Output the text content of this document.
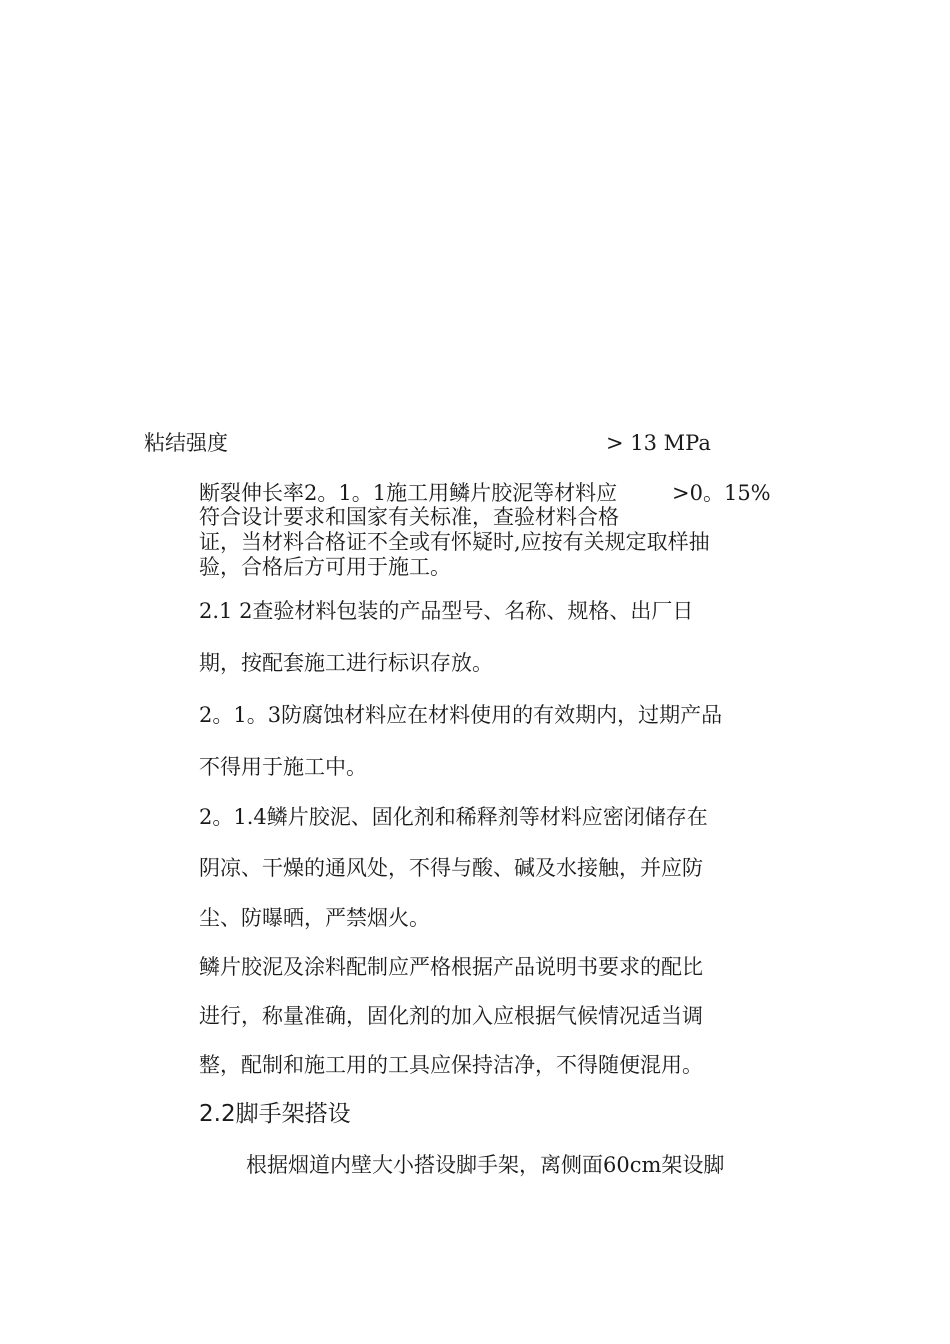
粘结强度	> 13 MPa
断裂伸长率2。1。1施工用鳞片胶泥等材料应	>0。15%
符合设计要求和国家有关标准，查验材料合格
证，当材料合格证不全或有怀疑时,应按有关规定取样抽
验，合格后方可用于施工。
2.1 2查验材料包装的产品型号、名称、规格、出厂日
期，按配套施工进行标识存放。
2。1。3防腐蚀材料应在材料使用的有效期内，过期产品
不得用于施工中。
2。1.4鳞片胶泥、固化剂和稀释剂等材料应密闭储存在
阴凉、干燥的通风处，不得与酸、碱及水接触，并应防
尘、防曝晒，严禁烟火。
鳞片胶泥及涂料配制应严格根据产品说明书要求的配比
进行，称量准确，固化剂的加入应根据气候情况适当调
整，配制和施工用的工具应保持洁净，不得随便混用。
2.2脚手架搭设
根据烟道内壁大小搭设脚手架，离侧面60cm架设脚
